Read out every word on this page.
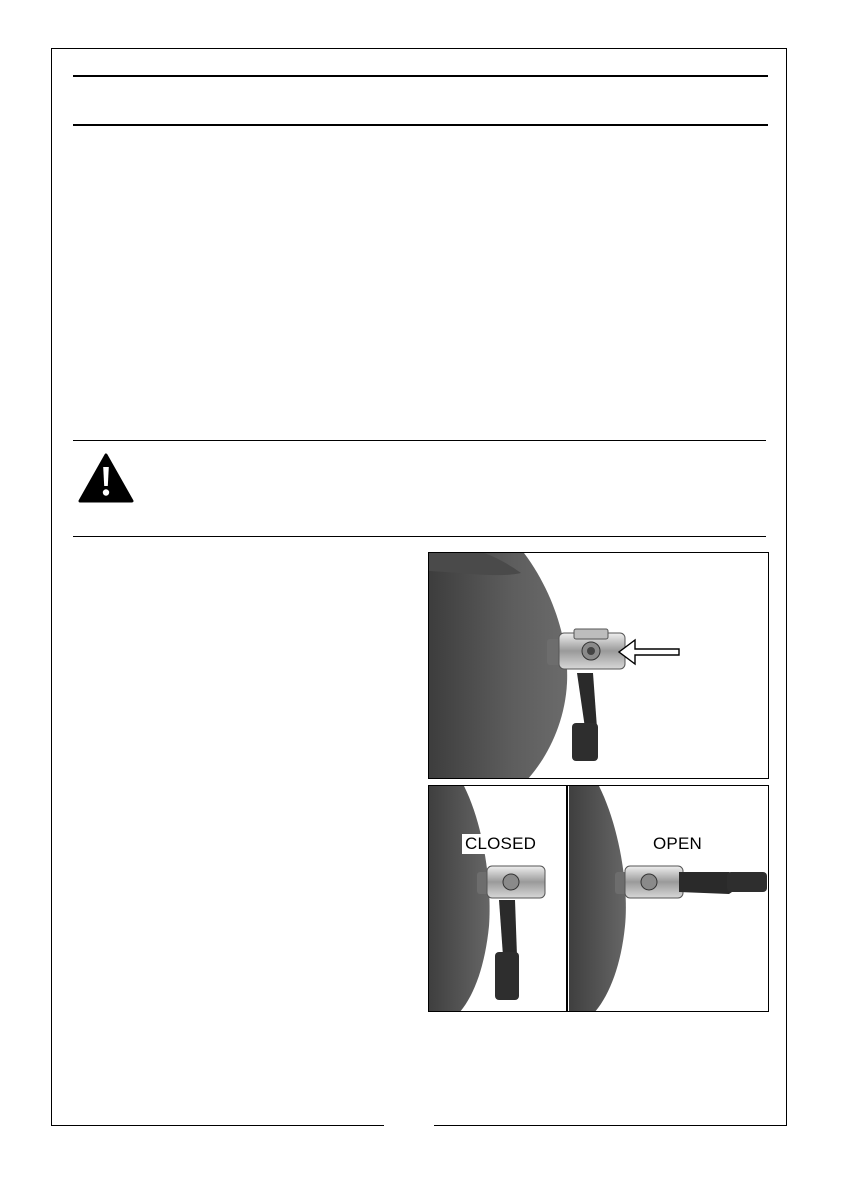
CLOSED	OPEN
